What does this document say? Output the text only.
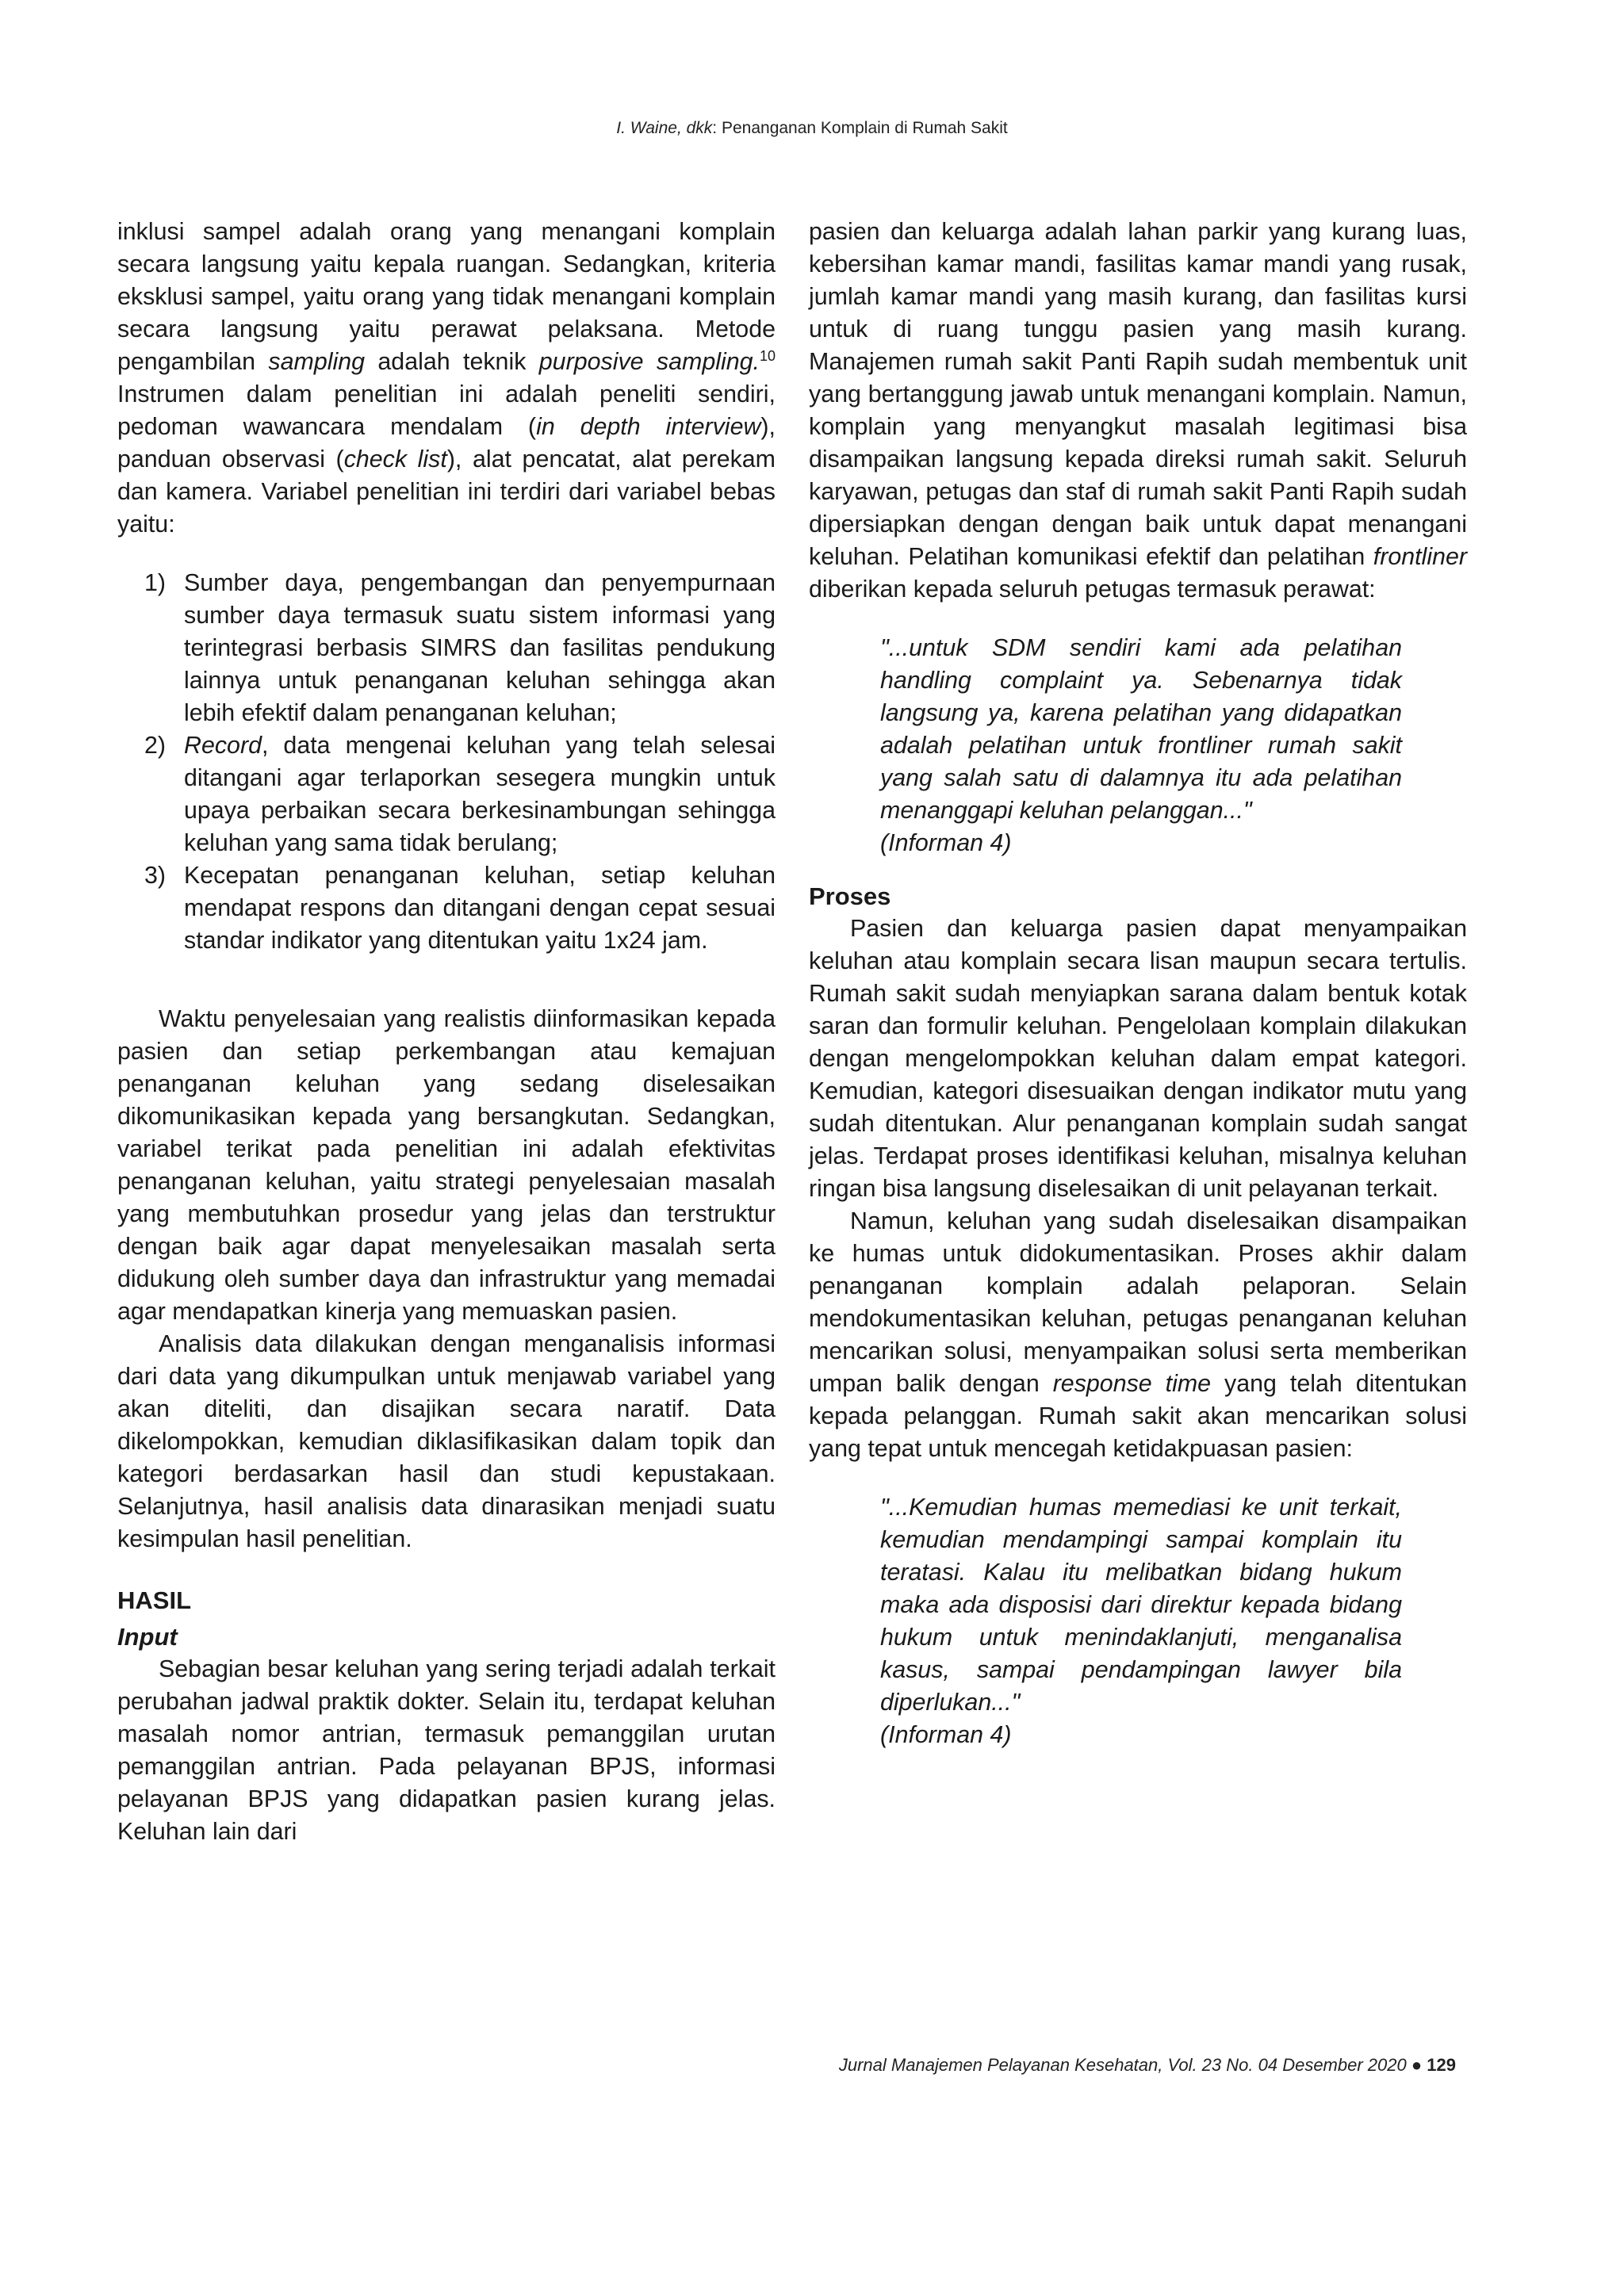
I. Waine, dkk: Penanganan Komplain di Rumah Sakit

inklusi sampel adalah orang yang menangani komplain secara langsung yaitu kepala ruangan. Sedangkan, kriteria eksklusi sampel, yaitu orang yang tidak menangani komplain secara langsung yaitu perawat pelaksana. Metode pengambilan sampling adalah teknik purposive sampling.$^{10}$ Instrumen dalam penelitian ini adalah peneliti sendiri, pedoman wawancara mendalam (in depth interview), panduan observasi (check list), alat pencatat, alat perekam dan kamera. Variabel penelitian ini terdiri dari variabel bebas yaitu:

1) Sumber daya, pengembangan dan penyempurnaan sumber daya termasuk suatu sistem informasi yang terintegrasi berbasis SIMRS dan fasilitas pendukung lainnya untuk penanganan keluhan sehingga akan lebih efektif dalam penanganan keluhan;
2) Record, data mengenai keluhan yang telah selesai ditangani agar terlaporkan sesegera mungkin untuk upaya perbaikan secara berkesinambungan sehingga keluhan yang sama tidak berulang;
3) Kecepatan penanganan keluhan, setiap keluhan mendapat respons dan ditangani dengan cepat sesuai standar indikator yang ditentukan yaitu 1x24 jam.

Waktu penyelesaian yang realistis diinformasikan kepada pasien dan setiap perkembangan atau kemajuan penanganan keluhan yang sedang diselesaikan dikomunikasikan kepada yang bersangkutan. Sedangkan, variabel terikat pada penelitian ini adalah efektivitas penanganan keluhan, yaitu strategi penyelesaian masalah yang membutuhkan prosedur yang jelas dan terstruktur dengan baik agar dapat menyelesaikan masalah serta didukung oleh sumber daya dan infrastruktur yang memadai agar mendapatkan kinerja yang memuaskan pasien.

Analisis data dilakukan dengan menganalisis informasi dari data yang dikumpulkan untuk menjawab variabel yang akan diteliti, dan disajikan secara naratif. Data dikelompokkan, kemudian diklasifikasikan dalam topik dan kategori berdasarkan hasil dan studi kepustakaan. Selanjutnya, hasil analisis data dinarasikan menjadi suatu kesimpulan hasil penelitian.

HASIL
Input

Sebagian besar keluhan yang sering terjadi adalah terkait perubahan jadwal praktik dokter. Selain itu, terdapat keluhan masalah nomor antrian, termasuk pemanggilan urutan pemanggilan antrian. Pada pelayanan BPJS, informasi pelayanan BPJS yang didapatkan pasien kurang jelas. Keluhan lain dari

pasien dan keluarga adalah lahan parkir yang kurang luas, kebersihan kamar mandi, fasilitas kamar mandi yang rusak, jumlah kamar mandi yang masih kurang, dan fasilitas kursi untuk di ruang tunggu pasien yang masih kurang. Manajemen rumah sakit Panti Rapih sudah membentuk unit yang bertanggung jawab untuk menangani komplain. Namun, komplain yang menyangkut masalah legitimasi bisa disampaikan langsung kepada direksi rumah sakit. Seluruh karyawan, petugas dan staf di rumah sakit Panti Rapih sudah dipersiapkan dengan dengan baik untuk dapat menangani keluhan. Pelatihan komunikasi efektif dan pelatihan frontliner diberikan kepada seluruh petugas termasuk perawat:

"...untuk SDM sendiri kami ada pelatihan handling complaint ya. Sebenarnya tidak langsung ya, karena pelatihan yang didapatkan adalah pelatihan untuk frontliner rumah sakit yang salah satu di dalamnya itu ada pelatihan menanggapi keluhan pelanggan..."

(Informan 4)

Proses

Pasien dan keluarga pasien dapat menyampaikan keluhan atau komplain secara lisan maupun secara tertulis. Rumah sakit sudah menyiapkan sarana dalam bentuk kotak saran dan formulir keluhan. Pengelolaan komplain dilakukan dengan mengelompokkan keluhan dalam empat kategori. Kemudian, kategori disesuaikan dengan indikator mutu yang sudah ditentukan. Alur penanganan komplain sudah sangat jelas. Terdapat proses identifikasi keluhan, misalnya keluhan ringan bisa langsung diselesaikan di unit pelayanan terkait.

Namun, keluhan yang sudah diselesaikan disampaikan ke humas untuk didokumentasikan. Proses akhir dalam penanganan komplain adalah pelaporan. Selain mendokumentasikan keluhan, petugas penanganan keluhan mencarikan solusi, menyampaikan solusi serta memberikan umpan balik dengan response time yang telah ditentukan kepada pelanggan. Rumah sakit akan mencarikan solusi yang tepat untuk mencegah ketidakpuasan pasien:

"...Kemudian humas memediasi ke unit terkait, kemudian mendampingi sampai komplain itu teratasi. Kalau itu melibatkan bidang hukum maka ada disposisi dari direktur kepada bidang hukum untuk menindaklanjuti, menganalisa kasus, sampai pendampingan lawyer bila diperlukan..."

(Informan 4)

Jurnal Manajemen Pelayanan Kesehatan, Vol. 23 No. 04 Desember 2020 ● 129
